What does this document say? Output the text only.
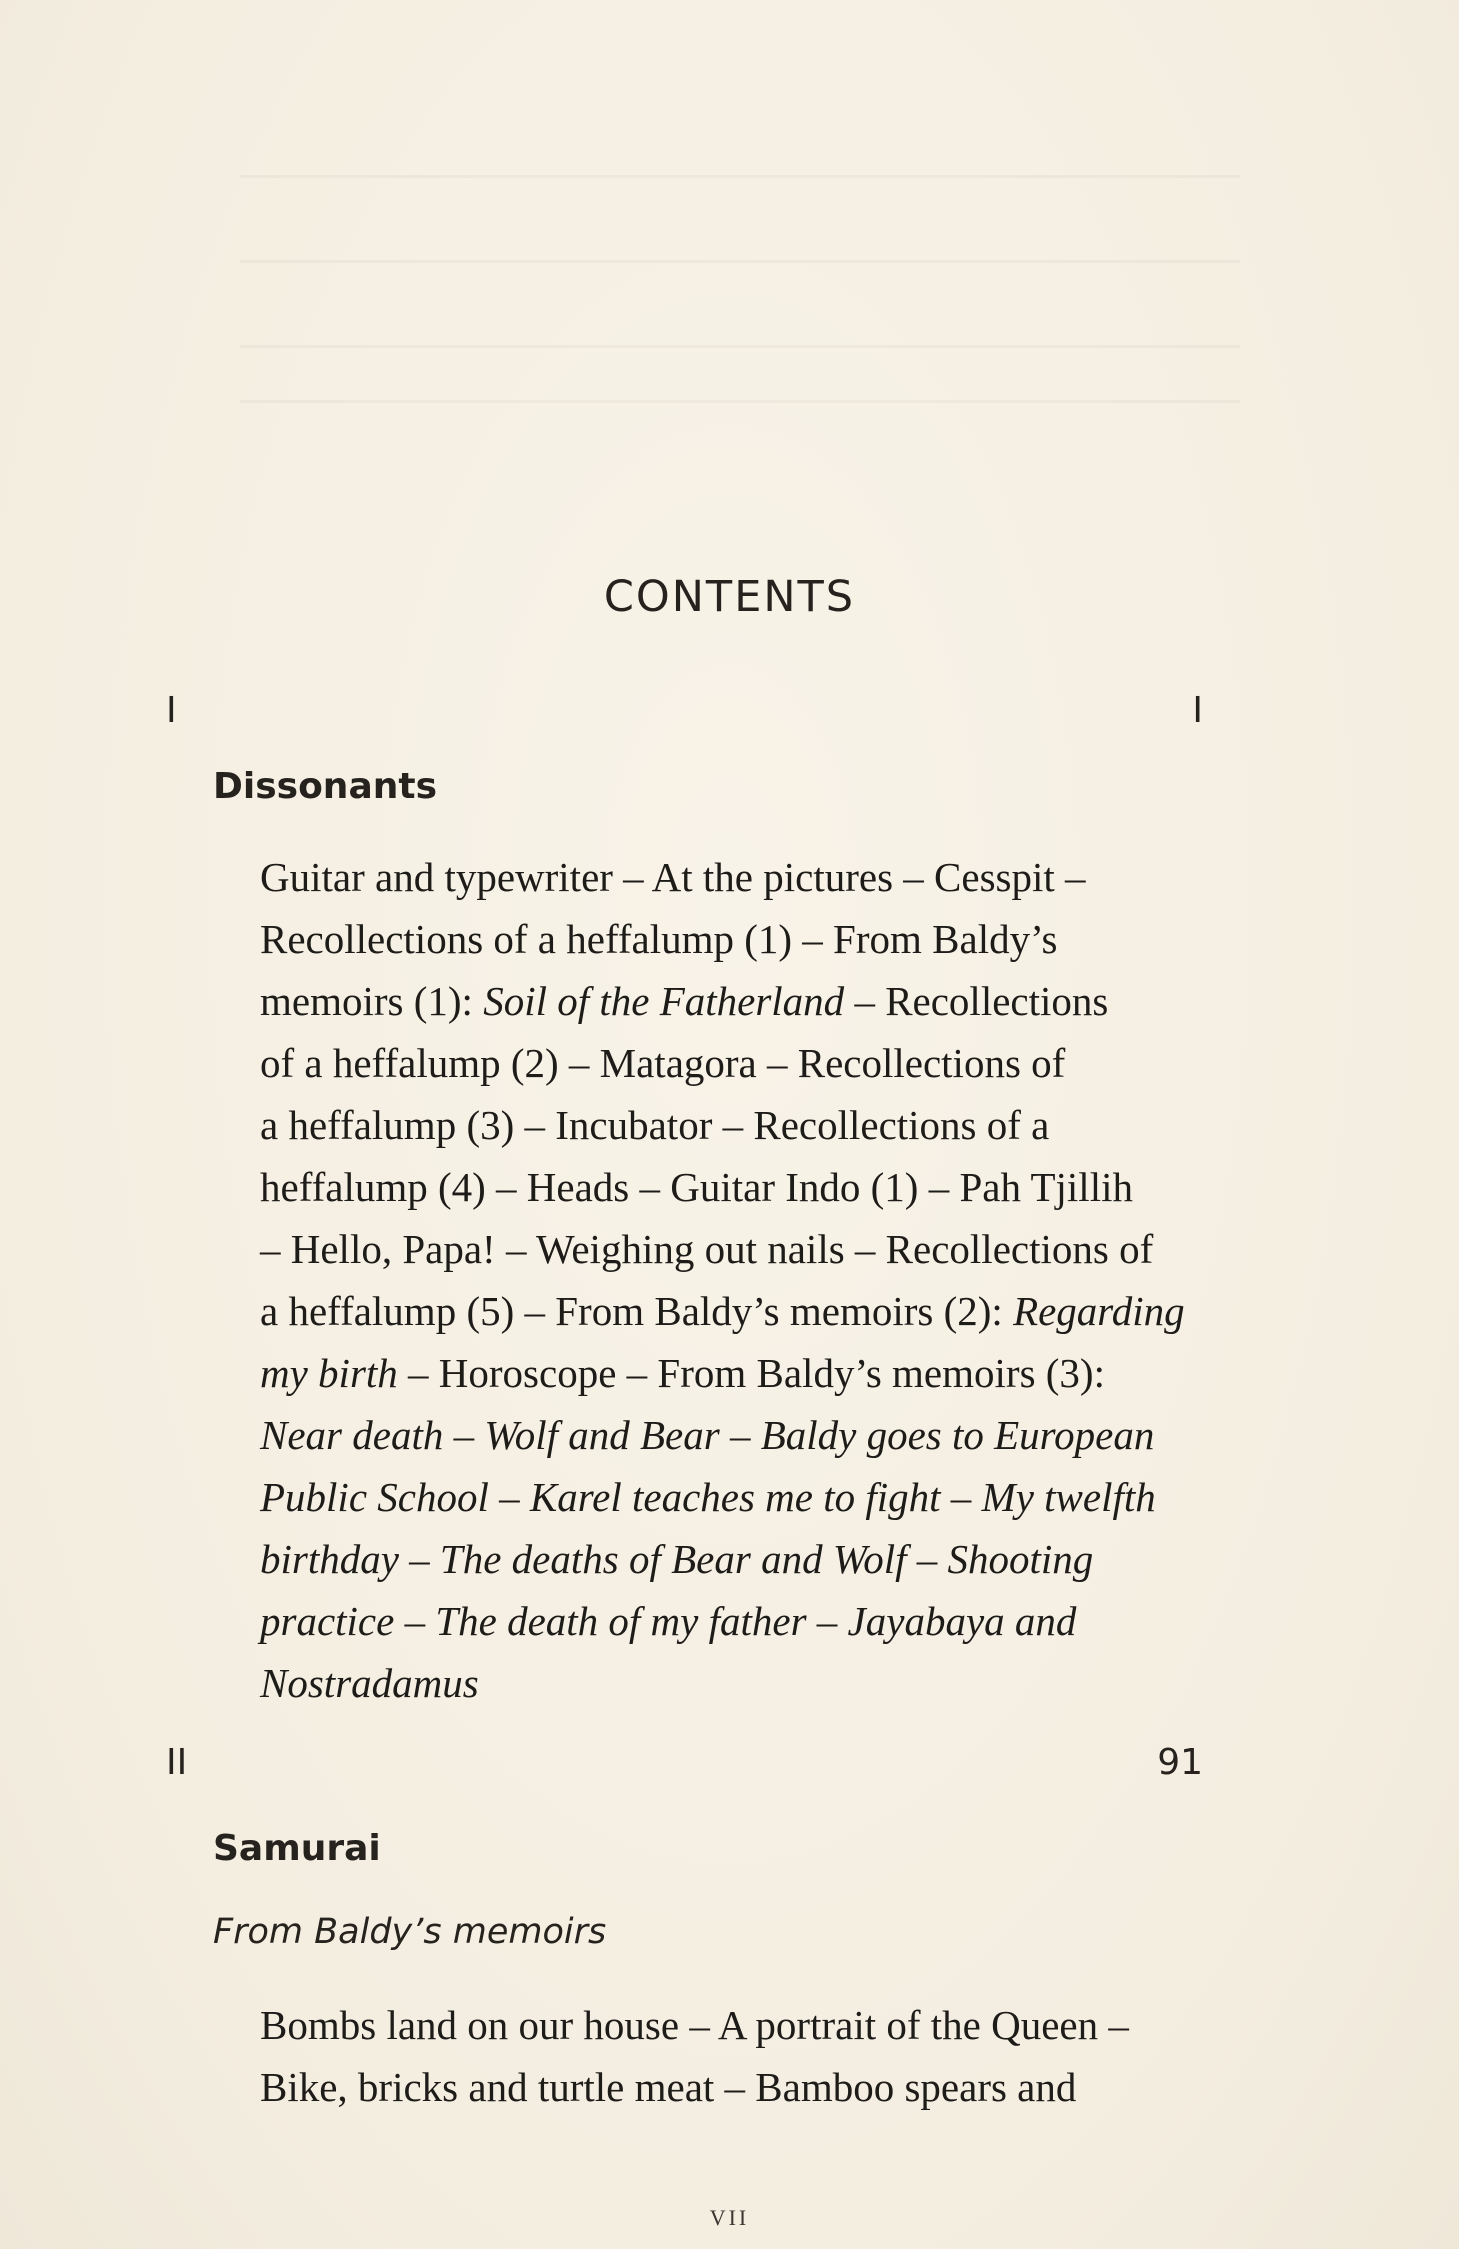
CONTENTS
I	I
Dissonants
Guitar and typewriter – At the pictures – Cesspit –
Recollections of a heffalump (1) – From Baldy’s
memoirs (1): Soil of the Fatherland – Recollections
of a heffalump (2) – Matagora – Recollections of
a heffalump (3) – Incubator – Recollections of a
heffalump (4) – Heads – Guitar Indo (1) – Pah Tjillih
– Hello, Papa! – Weighing out nails – Recollections of
a heffalump (5) – From Baldy’s memoirs (2): Regarding
my birth – Horoscope – From Baldy’s memoirs (3):
Near death – Wolf and Bear – Baldy goes to European
Public School – Karel teaches me to fight – My twelfth
birthday – The deaths of Bear and Wolf – Shooting
practice – The death of my father – Jayabaya and
Nostradamus
II	91
Samurai
From Baldy’s memoirs
Bombs land on our house – A portrait of the Queen –
Bike, bricks and turtle meat – Bamboo spears and
VII
